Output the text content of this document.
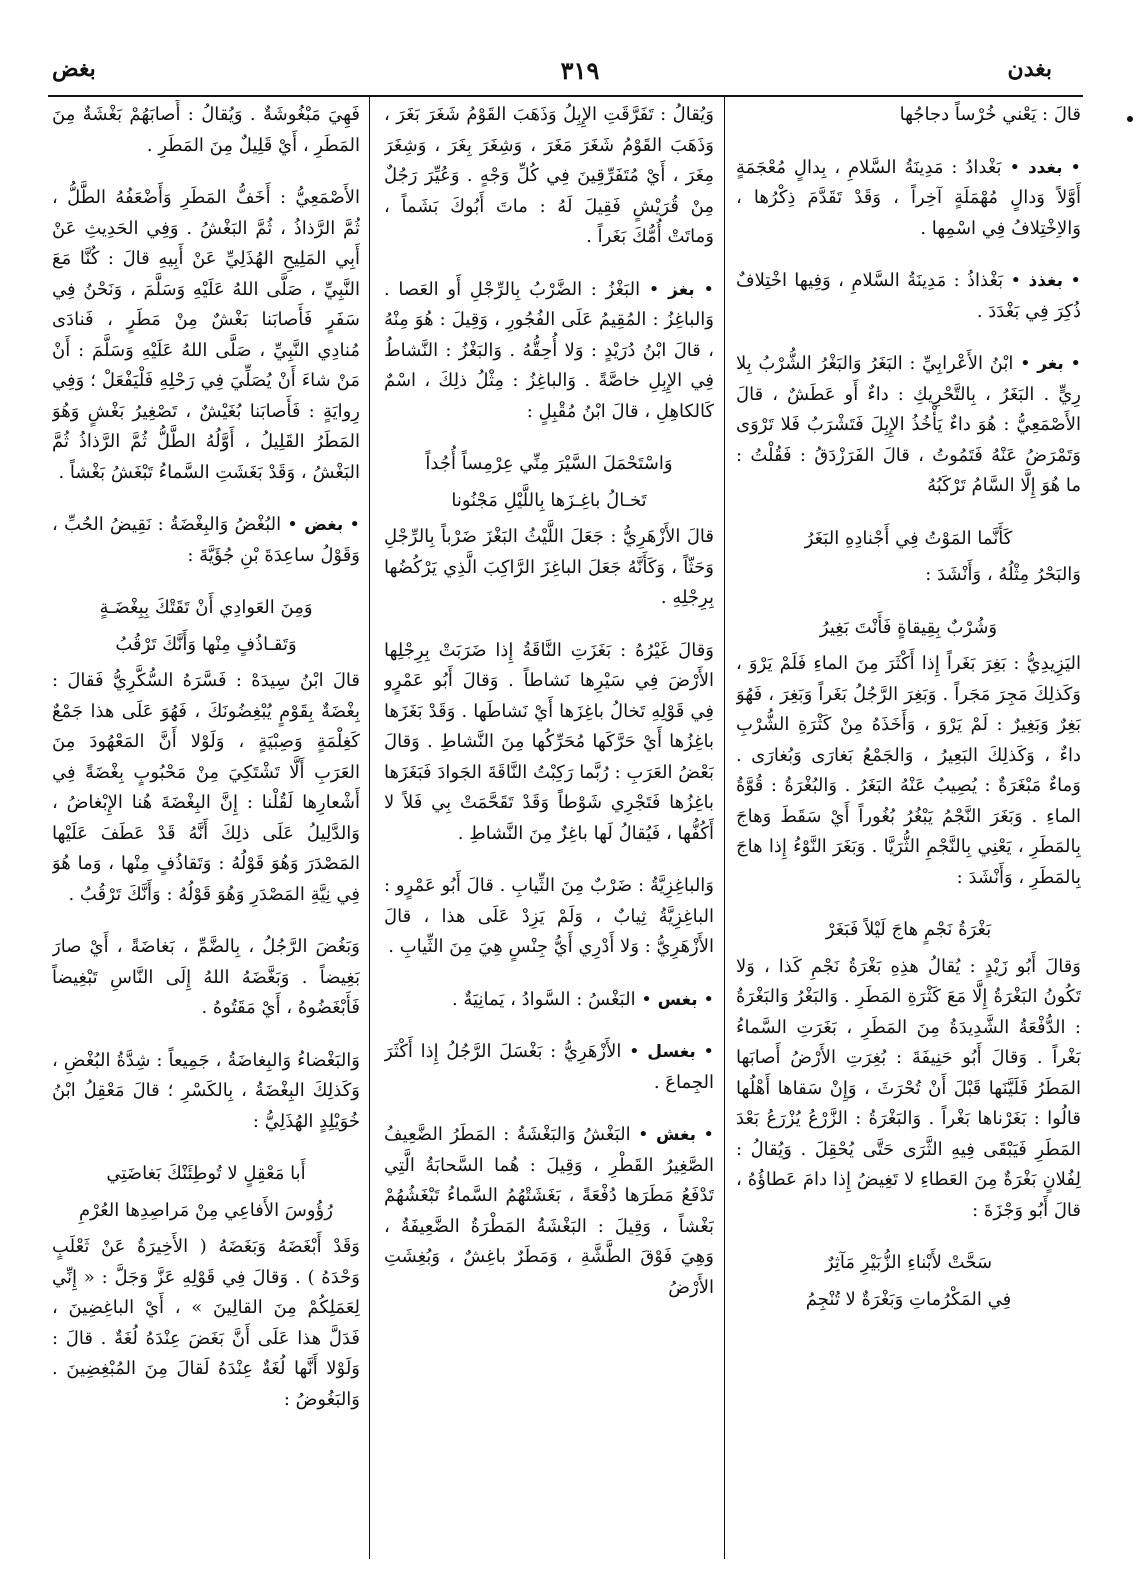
بغدن
٣١٩
بغض

قالَ : يَعْني خُرْساً دجاجُها

• بغدد • بَغْدادُ : مَدِينَةُ السَّلامِ ، بِدالٍ مُعْجَمَةٍ أَوَّلاً وَدالٍ مُهْمَلَةٍ آخِراً ، وَقَدْ تَقَدَّمَ ذِكْرُها ، وَالاِخْتِلافُ فِي اسْمِها .

• بغذذ • بَغْذاذُ : مَدِينَةُ السَّلامِ ، وَفِيها اخْتِلافٌ ذُكِرَ فِي بَغْدَدَ .

• بغر • ابْنُ الأَعْرابِيِّ : البَغَرُ وَالبَغْرُ الشُّرْبُ بِلا رِيٍّ . البَغَرُ ، بِالتَّحْرِيكِ : داءٌ أَو عَطَشٌ ، قالَ الأَصْمَعِيُّ : هُوَ داءٌ يَأْخُذُ الإِبِلَ فَتَشْرَبُ فَلا تَرْوَى وَتَمْرَضُ عَنْهُ فَتَمُوتُ ، قالَ الفَرَزْدَقُ : فَقُلْتُ : ما هُوَ إِلَّا السَّامُ تَرْكَبُهُ

كَأَنَّما المَوْتُ فِي أَجْنادِهِ البَغَرُ

وَالبَحْرُ مِثْلُهُ ، وَأَنْشَدَ :

وَشُرْبٌ بِقِيقاةٍ فَأَنْتَ بَغِيرُ

اليَزِيدِيُّ : بَغِرَ بَغَراً إِذا أَكْثَرَ مِنَ الماءِ فَلَمْ يَرْوَ ، وَكَذلِكَ مَجِرَ مَجَراً . وَبَغِرَ الرَّجُلُ بَغَراً وَبَغِرَ ، فَهُوَ بَغِرٌ وَبَغِيرٌ : لَمْ يَرْوَ ، وَأَخَذَهُ مِنْ كَثْرَةِ الشُّرْبِ داءٌ ، وَكَذلِكَ البَعِيرُ ، وَالجَمْعُ بَغارَى وَبُغارَى . وَماءٌ مَبْغَرَةٌ : يُصِيبُ عَنْهُ البَغَرُ . وَالبُغْرَةُ : قُوَّةُ الماءِ . وَبَغَرَ النَّجْمُ يَبْغُرُ بُغُوراً أَيْ سَقَطَ وَهاجَ بِالمَطَرِ ، يَعْنِي بِالنَّجْمِ الثُّرَيَّا . وَبَغَرَ النَّوْءُ إِذا هاجَ بِالمَطَرِ ، وَأَنْشَدَ :

بَغْرَةُ نَجْمٍ هاجَ لَيْلاً فَبَغَرْ

وَقالَ أَبُو زَيْدٍ : يُقالُ هذِهِ بَغْرَةُ نَجْمِ كَذا ، وَلا تَكُونُ البَغْرَةُ إِلَّا مَعَ كَثْرَةِ المَطَرِ . وَالبَغْرُ وَالبَغْرَةُ : الدُّفْعَةُ الشَّدِيدَةُ مِنَ المَطَرِ ، بَغَرَتِ السَّماءُ بَغْراً . وَقالَ أَبُو حَنِيفَةَ : بُغِرَتِ الأَرْضُ أَصابَها المَطَرُ فَلَيَّنَها قَبْلَ أَنْ تُحْرَثَ ، وَإِنْ سَقاها أَهْلُها قالُوا : بَغَرْناها بَغْراً . وَالبَغْرَةُ : الزَّرْعُ يُزْرَعُ بَعْدَ المَطَرِ فَيَبْقَى فِيهِ الثَّرَى حَتَّى يُحْقِلَ . وَيُقالُ : لِفُلانٍ بَغْرَةٌ مِنَ العَطاءِ لا تَغِيضُ إِذا دامَ عَطاؤُهُ ، قالَ أَبُو وَجْزَةَ :

سَحَّتْ لأَبْناءِ الزُّبَيْرِ مَآثِرٌ
فِي المَكْرُماتِ وَبَغْرَةٌ لا تُنْجِمُ

وَيُقالُ : تَفَرَّقَتِ الإِبِلُ وَذَهَبَ القَوْمُ شَغَرَ بَغَرَ ، وَذَهَبَ القَوْمُ شَغَرَ مَغَرَ ، وَشِغَرَ بِغَرَ ، وَشِغَرَ مِغَرَ ، أَيْ مُتَفَرِّقِينَ فِي كُلِّ وَجْهٍ . وَعُيِّرَ رَجُلٌ مِنْ قُرَيْشٍ فَقِيلَ لَهُ : ماتَ أَبُوكَ بَشَماً ، وَماتَتْ أُمُّكَ بَغَراً .

• بغز • البَغْزُ : الضَّرْبُ بِالرِّجْلِ أَو العَصا . وَالباغِزُ : المُقِيمُ عَلَى الفُجُورِ ، وَقِيلَ : هُوَ مِنْهُ ، قالَ ابْنُ دُرَيْدٍ : وَلا أُحِقُّهُ . وَالبَغْزُ : النَّشاطُ فِي الإِبِلِ خاصَّةً . وَالباغِزُ : مِثْلُ ذلِكَ ، اسْمٌ كَالكاهِلِ ، قالَ ابْنُ مُقْبِلٍ :

وَاسْتَحْمَلَ السَّيْرَ مِنِّي عِرْمِساً أُجُداً
تَخـالُ باغِـزَها بِاللَّيْلِ مَجْنُونا

قالَ الأَزْهَرِيُّ : جَعَلَ اللَّيْثُ البَغْزَ ضَرْباً بِالرِّجْلِ وَحَثّاً ، وَكَأَنَّهُ جَعَلَ الباغِزَ الرَّاكِبَ الَّذِي يَرْكُضُها بِرِجْلِهِ .

وَقالَ غَيْرُهُ : بَغَزَتِ النَّاقَةُ إِذا ضَرَبَتْ بِرِجْلِها الأَرْضَ فِي سَيْرِها نَشاطاً . وَقالَ أَبُو عَمْرٍو فِي قَوْلِهِ تَخالُ باغِزَها أَيْ نَشاطَها . وَقَدْ بَغَزَها باغِزُها أَيْ حَرَّكَها مُحَرِّكُها مِنَ النَّشاطِ . وَقالَ بَعْضُ العَرَبِ : رُبَّما رَكِبْتُ النَّاقَةَ الجَوادَ فَبَغَزَها باغِزُها فَتَجْرِي شَوْطاً وَقَدْ تَقَحَّمَتْ بِي فَلاً لا أَكُفُّها ، فَيُقالُ لَها باغِزٌ مِنَ النَّشاطِ .

وَالباغِزِيَّةُ : ضَرْبٌ مِنَ الثِّيابِ . قالَ أَبُو عَمْرٍو : الباغِزِيَّةُ ثِيابٌ ، وَلَمْ يَزِدْ عَلَى هذا ، قالَ الأَزْهَرِيُّ : وَلا أَدْرِي أَيُّ جِنْسٍ هِيَ مِنَ الثِّيابِ .

• بغس • البَغْسُ : السَّوادُ ، يَمانِيَةٌ .

• بغسل • الأَزْهَرِيُّ : بَغْسَلَ الرَّجُلُ إِذا أَكْثَرَ الجِماعَ .

• بغش • البَغْشُ وَالبَغْشَةُ : المَطَرُ الضَّعِيفُ الصَّغِيرُ القَطْرِ ، وَقِيلَ : هُما السَّحابَةُ الَّتِي تَدْفَعُ مَطَرَها دُفْعَةً ، بَغَشَتْهُمُ السَّماءُ تَبْغَشُهُمْ بَغْشاً ، وَقِيلَ : البَغْشَةُ المَطْرَةُ الضَّعِيفَةُ ، وَهِيَ فَوْقَ الطَّشَّةِ ، وَمَطَرٌ باغِشٌ ، وَبُغِشَتِ الأَرْضُ

فَهِيَ مَبْغُوشَةٌ . وَيُقالُ : أَصابَهُمْ بَغْشَةٌ مِنَ المَطَرِ ، أَيْ قَلِيلٌ مِنَ المَطَرِ .

الأَصْمَعِيُّ : أَخَفُّ المَطَرِ وَأَضْعَفُهُ الطَّلُّ ، ثُمَّ الرَّذاذُ ، ثُمَّ البَغْشُ . وَفِي الحَدِيثِ عَنْ أَبِي المَلِيحِ الهُذَلِيِّ عَنْ أَبِيهِ قالَ : كُنَّا مَعَ النَّبِيِّ ، صَلَّى اللهُ عَلَيْهِ وَسَلَّمَ ، وَنَحْنُ فِي سَفَرٍ فَأَصابَنا بَغْشٌ مِنْ مَطَرٍ ، فَنادَى مُنادِي النَّبِيِّ ، صَلَّى اللهُ عَلَيْهِ وَسَلَّمَ : أَنْ مَنْ شاءَ أَنْ يُصَلِّيَ فِي رَحْلِهِ فَلْيَفْعَلْ ؛ وَفِي رِوايَةٍ : فَأَصابَنا بُغَيْشٌ ، تَصْغِيرُ بَغْشٍ وَهُوَ المَطَرُ القَلِيلُ ، أَوَّلُهُ الطَّلُّ ثُمَّ الرَّذاذُ ثُمَّ البَغْشُ ، وَقَدْ بَغَشَتِ السَّماءُ تَبْغَشُ بَغْشاً .

• بغض • البُغْضُ وَالبِغْضَةُ : نَقِيضُ الحُبِّ ، وَقَوْلُ ساعِدَةَ بْنِ جُؤَيَّةَ :

وَمِنَ العَوادِي أَنْ تَقَتْكَ بِبِغْضَـةٍ
وَتَقـاذُفٍ مِنْها وَأَنَّكَ تَرْقُبُ

قالَ ابْنُ سِيدَهْ : فَسَّرَهُ السُّكَّرِيُّ فَقالَ : بِغْضَةٌ بِقَوْمٍ يُبْغِضُونَكَ ، فَهُوَ عَلَى هذا جَمْعٌ كَغِلْمَةٍ وَصِبْيَةٍ ، وَلَوْلا أَنَّ المَعْهُودَ مِنَ العَرَبِ أَلَّا تَشْتَكِيَ مِنْ مَحْبُوبٍ بِغْضَةً فِي أَشْعارِها لَقُلْنا : إِنَّ البِغْضَةَ هُنا الإِبْغاضُ ، وَالدَّلِيلُ عَلَى ذلِكَ أَنَّهُ قَدْ عَطَفَ عَلَيْها المَصْدَرَ وَهُوَ قَوْلُهُ : وَتَقاذُفٍ مِنْها ، وَما هُوَ فِي نِيَّةِ المَصْدَرِ وَهُوَ قَوْلُهُ : وَأَنَّكَ تَرْقُبُ .

وَبَغُضَ الرَّجُلُ ، بِالضَّمِّ ، بَغاضَةً ، أَيْ صارَ بَغِيضاً . وَبَغَّضَهُ اللهُ إِلَى النَّاسِ تَبْغِيضاً فَأَبْغَضُوهُ ، أَيْ مَقَتُوهُ .

وَالبَغْضاءُ وَالبِغاضَةُ ، جَمِيعاً : شِدَّةُ البُغْضِ ، وَكَذلِكَ البِغْضَةُ ، بِالكَسْرِ ؛ قالَ مَعْقِلُ ابْنُ خُوَيْلِدٍ الهُذَلِيُّ :

أَبا مَعْقِلٍ لا تُوطِئَنْكَ بَغاضَتِي
رُؤُوسَ الأَفاعِي مِنْ مَراصِدِها العُرْمِ

وَقَدْ أَبْغَضَهُ وَبَغَضَهُ ( الأَخِيرَةُ عَنْ ثَعْلَبٍ وَحْدَهُ ) . وَقالَ فِي قَوْلِهِ عَزَّ وَجَلَّ : « إِنِّي لِعَمَلِكُمْ مِنَ القالِينَ » ، أَيْ الباغِضِينَ ، فَدَلَّ هذا عَلَى أَنَّ بَغَضَ عِنْدَهُ لُغَةٌ . قالَ : وَلَوْلا أَنَّها لُغَةٌ عِنْدَهُ لَقالَ مِنَ المُبْغِضِينَ . وَالبَغُوضُ :
